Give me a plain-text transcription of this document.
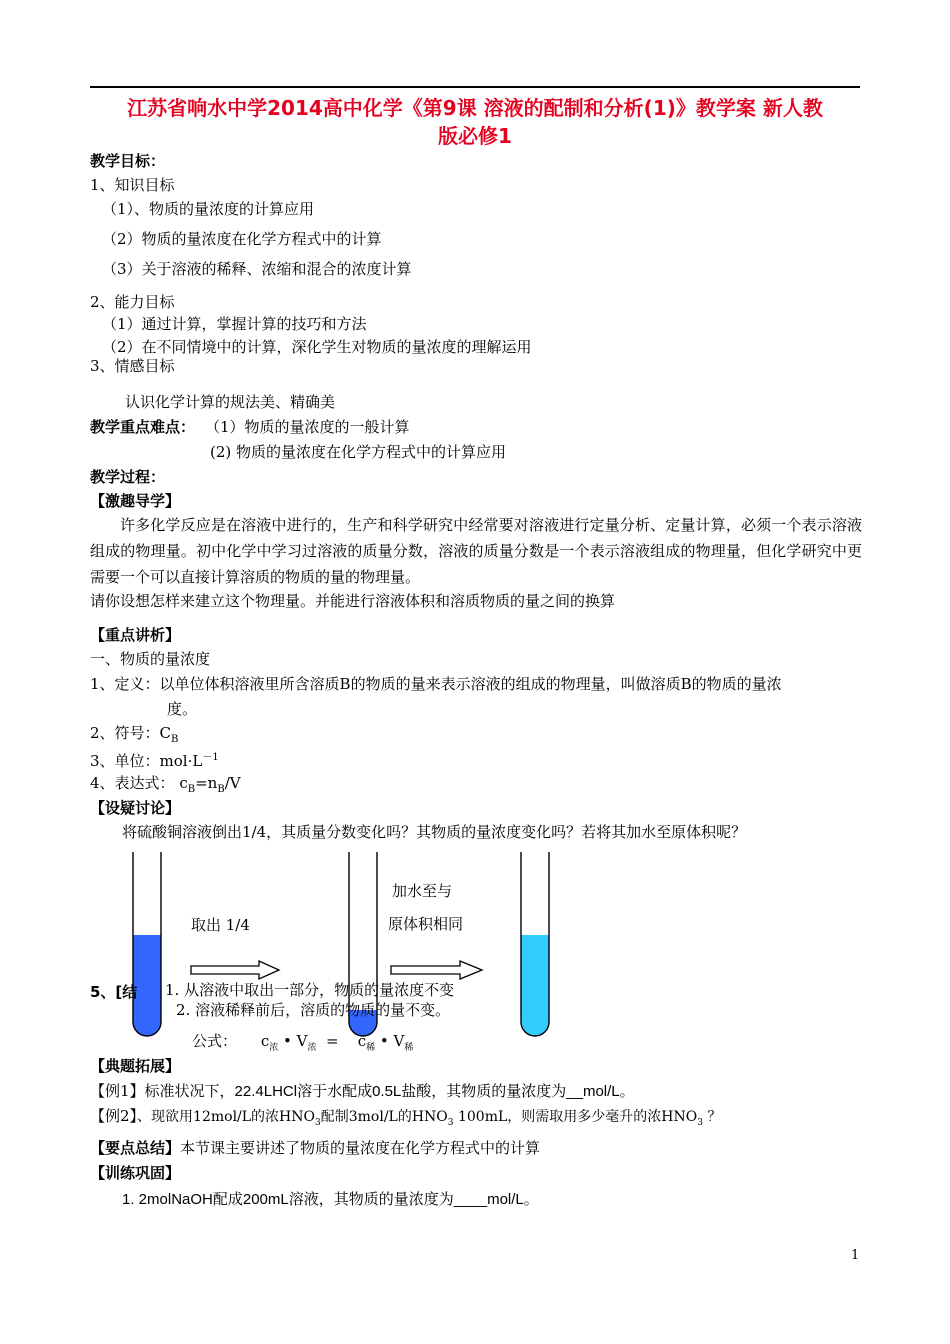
江苏省响水中学2014高中化学《第9课 溶液的配制和分析(1)》教学案 新人教
版必修1
教学目标：
1、知识目标
（1）、物质的量浓度的计算应用
（2）物质的量浓度在化学方程式中的计算
（3）关于溶液的稀释、浓缩和混合的浓度计算
2、能力目标
（1）通过计算，掌握计算的技巧和方法
（2）在不同情境中的计算，深化学生对物质的量浓度的理解运用
3、情感目标
认识化学计算的规法美、精确美
教学重点难点： （1）物质的量浓度的一般计算
(2) 物质的量浓度在化学方程式中的计算应用
教学过程：
【激趣导学】
许多化学反应是在溶液中进行的，生产和科学研究中经常要对溶液进行定量分析、定量计算，必须一个表示溶液组成的物理量。初中化学中学习过溶液的质量分数，溶液的质量分数是一个表示溶液组成的物理量，但化学研究中更需要一个可以直接计算溶质的物质的量的物理量。
请你设想怎样来建立这个物理量。并能进行溶液体积和溶质物质的量之间的换算
【重点讲析】
一、物质的量浓度
1、定义：以单位体积溶液里所含溶质B的物质的量来表示溶液的组成的物理量，叫做溶质B的物质的量浓
度。
2、符号：$C_B$
3、单位：$mol\cdot L^{-1}$
4、表达式： $c_B=n_B/V$
【设疑讨论】
将硫酸铜溶液倒出1/4，其质量分数变化吗？其物质的量浓度变化吗？若将其加水至原体积呢？
取出 1/4
加水至与
原体积相同
5、[结 1. 从溶液中取出一部分，物质的量浓度不变
2. 溶液稀释前后，溶质的物质的量不变。
公式： $c_浓$ • $V_浓$  =    $c_稀$ • $V_稀$
【典题拓展】
【例1】标准状况下，22.4LHCl溶于水配成0.5L盐酸，其物质的量浓度为__mol/L。
【例2】、现欲用12mol/L的浓$HNO_3$配制3mol/L的$HNO_3$ 100mL，则需取用多少毫升的浓$HNO_3$ ？
【要点总结】本节课主要讲述了物质的量浓度在化学方程式中的计算
【训练巩固】
1. 2molNaOH配成200mL溶液，其物质的量浓度为____mol/L。
1
